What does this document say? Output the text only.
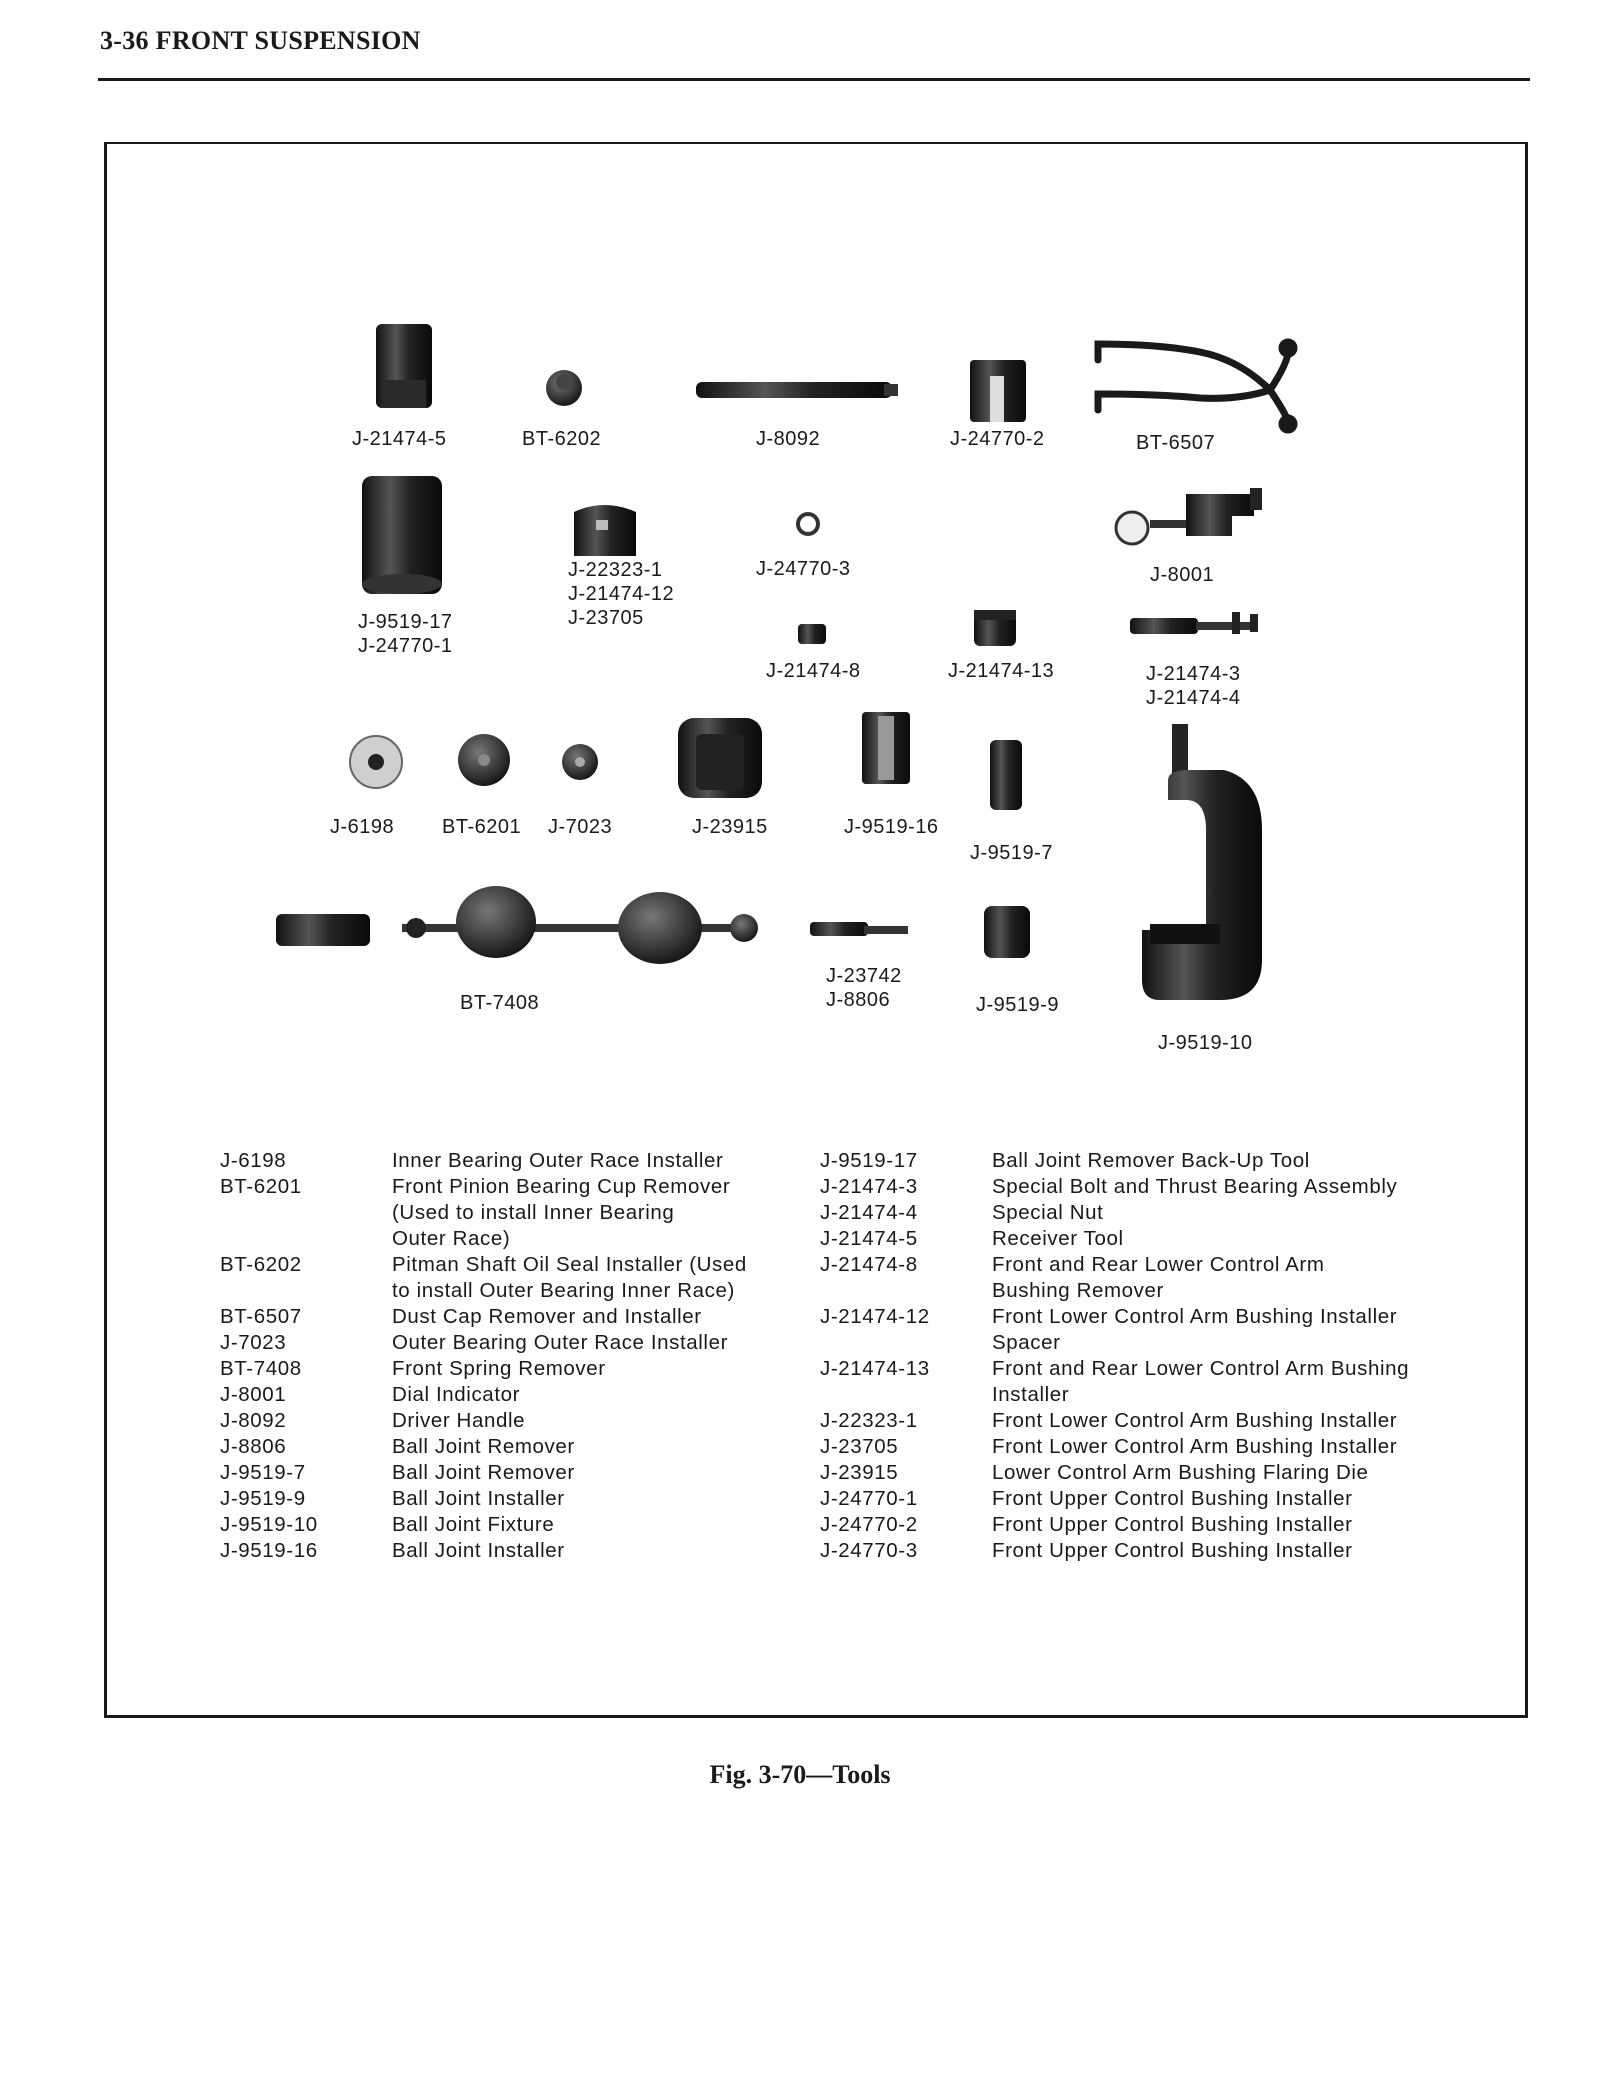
3-36 FRONT SUSPENSION
J-21474-5	BT-6202	J-8092	J-24770-2	BT-6507
J-22323-1
J-21474-12
J-23705
J-24770-3	J-8001
J-9519-17
J-24770-1
J-21474-8	J-21474-13	J-21474-3
J-21474-4
J-6198 BT-6201 J-7023	J-23915	J-9519-16
J-9519-7
J-23742
J-8806
BT-7408	J-9519-9
J-9519-10
J-6198	Inner Bearing Outer Race Installer
BT-6201	Front Pinion Bearing Cup Remover
(Used to install Inner Bearing
Outer Race)
BT-6202	Pitman Shaft Oil Seal Installer (Used
to install Outer Bearing Inner Race)
BT-6507	Dust Cap Remover and Installer
J-7023	Outer Bearing Outer Race Installer
BT-7408	Front Spring Remover
J-8001	Dial Indicator
J-8092	Driver Handle
J-8806	Ball Joint Remover
J-9519-7	Ball Joint Remover
J-9519-9	Ball Joint Installer
J-9519-10	Ball Joint Fixture
J-9519-16	Ball Joint Installer
J-9519-17	Ball Joint Remover Back-Up Tool
J-21474-3	Special Bolt and Thrust Bearing Assembly
J-21474-4	Special Nut
J-21474-5	Receiver Tool
J-21474-8	Front and Rear Lower Control Arm
Bushing Remover
J-21474-12	Front Lower Control Arm Bushing Installer
Spacer
J-21474-13	Front and Rear Lower Control Arm Bushing
Installer
J-22323-1	Front Lower Control Arm Bushing Installer
J-23705	Front Lower Control Arm Bushing Installer
J-23915	Lower Control Arm Bushing Flaring Die
J-24770-1	Front Upper Control Bushing Installer
J-24770-2	Front Upper Control Bushing Installer
J-24770-3	Front Upper Control Bushing Installer
Fig. 3-70—Tools
